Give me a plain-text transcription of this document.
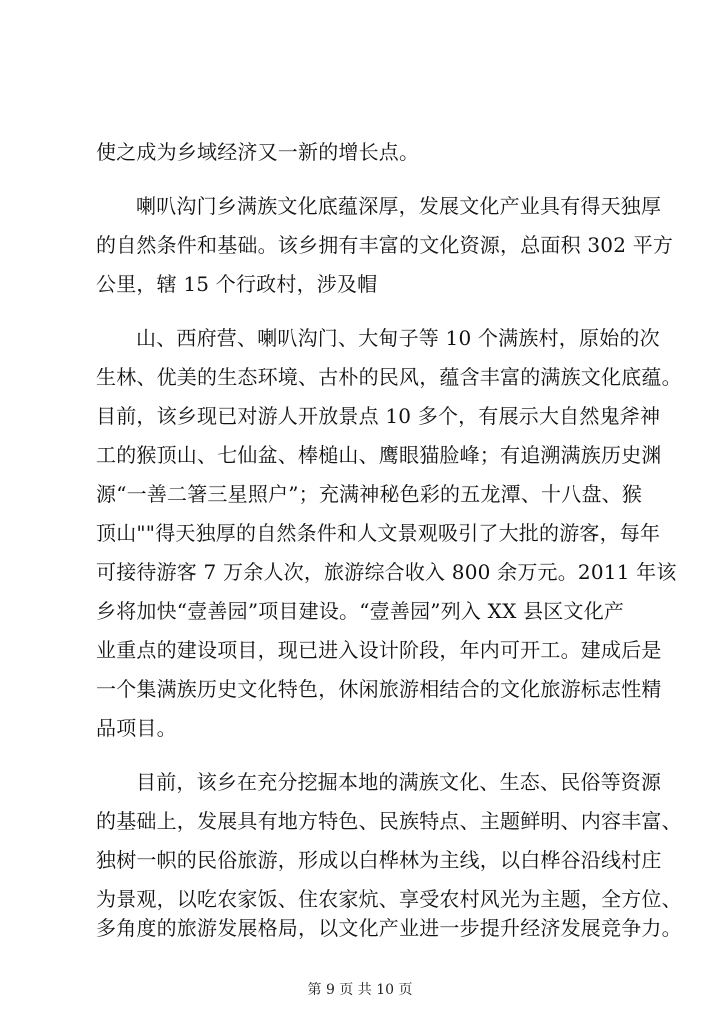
使之成为乡域经济又一新的增长点。
喇叭沟门乡满族文化底蕴深厚，发展文化产业具有得天独厚
的自然条件和基础。该乡拥有丰富的文化资源，总面积 302 平方
公里，辖 15 个行政村，涉及帽
山、西府营、喇叭沟门、大甸子等 10 个满族村，原始的次
生林、优美的生态环境、古朴的民风，蕴含丰富的满族文化底蕴。
目前，该乡现已对游人开放景点 10 多个，有展示大自然鬼斧神
工的猴顶山、七仙盆、棒槌山、鹰眼猫脸峰；有追溯满族历史渊
源“一善二箸三星照户”；充满神秘色彩的五龙潭、十八盘、猴
顶山""得天独厚的自然条件和人文景观吸引了大批的游客，每年
可接待游客 7 万余人次，旅游综合收入 800 余万元。2011 年该
乡将加快“壹善园”项目建设。“壹善园”列入 XX 县区文化产
业重点的建设项目，现已进入设计阶段，年内可开工。建成后是
一个集满族历史文化特色，休闲旅游相结合的文化旅游标志性精
品项目。
目前，该乡在充分挖掘本地的满族文化、生态、民俗等资源
的基础上，发展具有地方特色、民族特点、主题鲜明、内容丰富、
独树一帜的民俗旅游，形成以白桦林为主线，以白桦谷沿线村庄
为景观，以吃农家饭、住农家炕、享受农村风光为主题，全方位、
多角度的旅游发展格局，以文化产业进一步提升经济发展竞争力。
第 9 页 共 10 页
